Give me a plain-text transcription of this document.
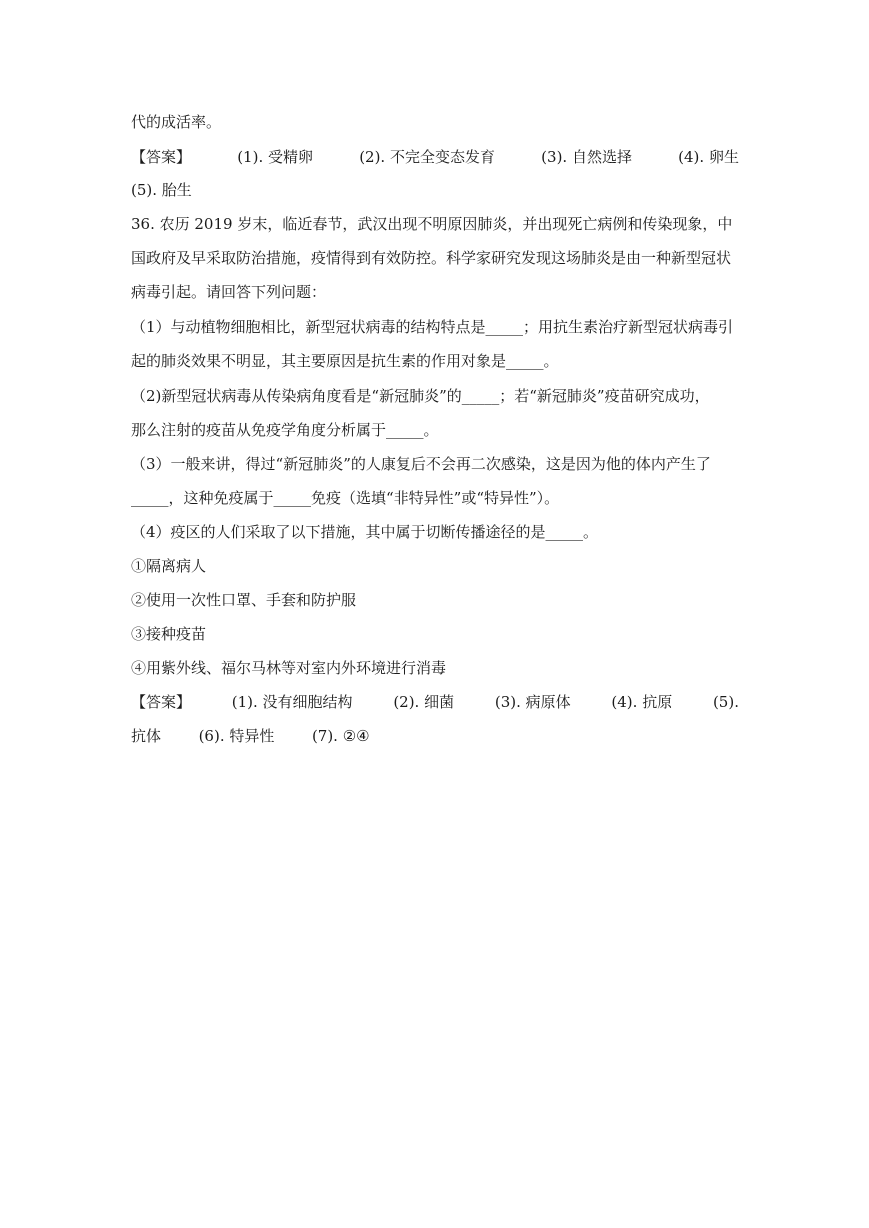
代的成活率。
【答案】	(1). 受精卵	(2). 不完全变态发育	(3). 自然选择	(4). 卵生
(5). 胎生
36. 农历 2019 岁末，临近春节，武汉出现不明原因肺炎，并出现死亡病例和传染现象，中
国政府及早采取防治措施，疫情得到有效防控。科学家研究发现这场肺炎是由一种新型冠状
病毒引起。请回答下列问题：
（1）与动植物细胞相比，新型冠状病毒的结构特点是_____；用抗生素治疗新型冠状病毒引
起的肺炎效果不明显，其主要原因是抗生素的作用对象是_____。
（2)新型冠状病毒从传染病角度看是“新冠肺炎”的_____；若“新冠肺炎”疫苗研究成功，
那么注射的疫苗从免疫学角度分析属于_____。
（3）一般来讲，得过“新冠肺炎”的人康复后不会再二次感染，这是因为他的体内产生了
_____，这种免疫属于_____免疫（选填“非特异性”或“特异性”）。
（4）疫区的人们采取了以下措施，其中属于切断传播途径的是_____。
①隔离病人
②使用一次性口罩、手套和防护服
③接种疫苗
④用紫外线、福尔马林等对室内外环境进行消毒
【答案】	(1). 没有细胞结构	(2). 细菌	(3). 病原体	(4). 抗原	(5).
抗体	(6). 特异性	(7). ②④
